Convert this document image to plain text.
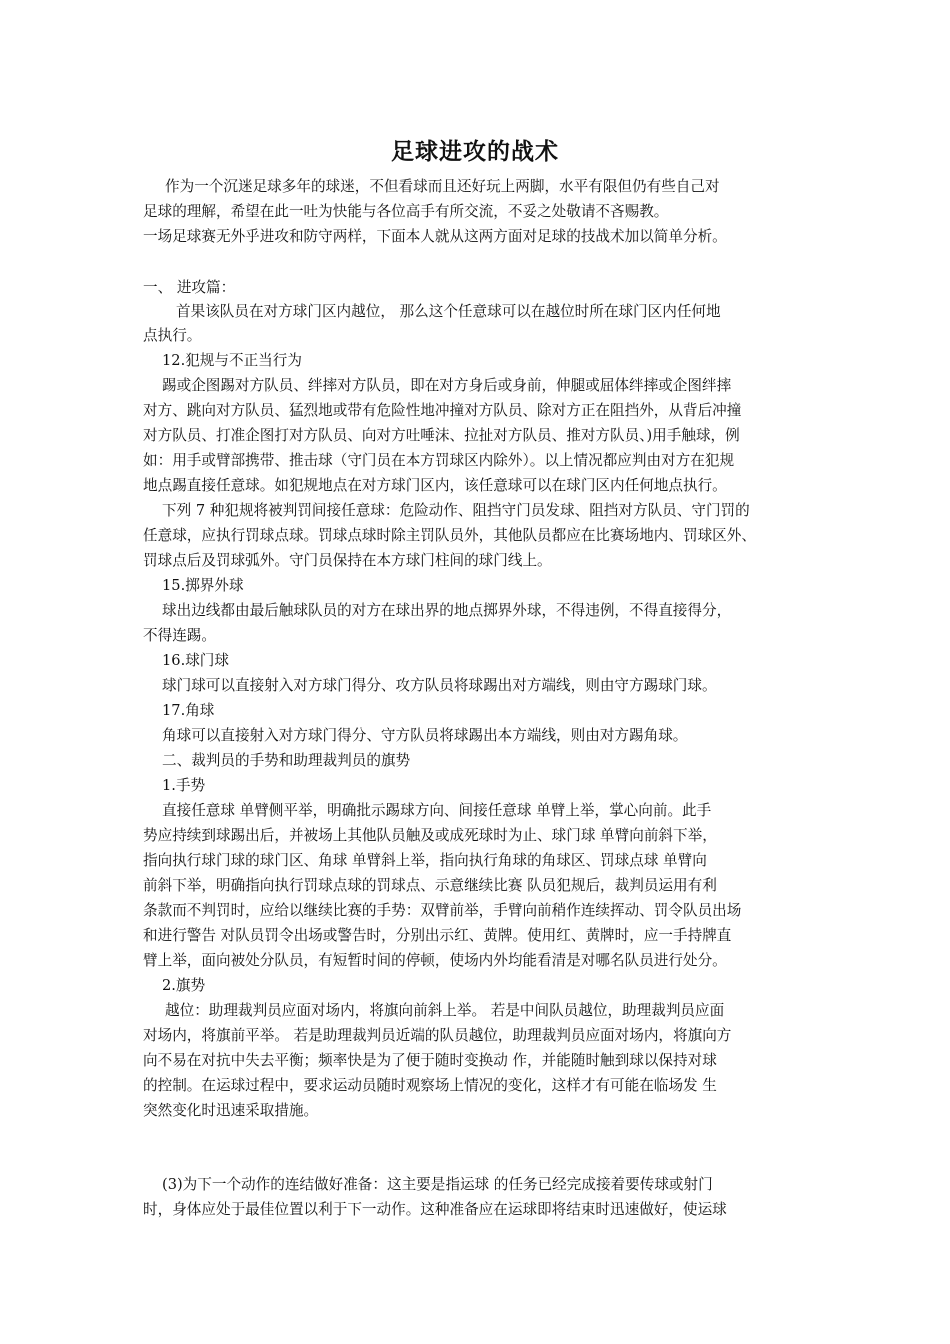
足球进攻的战术
作为一个沉迷足球多年的球迷，不但看球而且还好玩上两脚，水平有限但仍有些自己对
足球的理解，希望在此一吐为快能与各位高手有所交流，不妥之处敬请不吝赐教。
一场足球赛无外乎进攻和防守两样，下面本人就从这两方面对足球的技战术加以简单分析。
一、 进攻篇：
首果该队员在对方球门区内越位， 那么这个任意球可以在越位时所在球门区内任何地
点执行。
12.犯规与不正当行为
踢或企图踢对方队员、绊摔对方队员，即在对方身后或身前，伸腿或屈体绊摔或企图绊摔
对方、跳向对方队员、猛烈地或带有危险性地冲撞对方队员、除对方正在阻挡外，从背后冲撞
对方队员、打准企图打对方队员、向对方吐唾沫、拉扯对方队员、推对方队员、)用手触球，例
如：用手或臂部携带、推击球（守门员在本方罚球区内除外）。以上情况都应判由对方在犯规
地点踢直接任意球。如犯规地点在对方球门区内，该任意球可以在球门区内任何地点执行。
下列 7 种犯规将被判罚间接任意球：危险动作、阻挡守门员发球、阻挡对方队员、守门罚的
任意球，应执行罚球点球。罚球点球时除主罚队员外，其他队员都应在比赛场地内、罚球区外、
罚球点后及罚球弧外。守门员保持在本方球门柱间的球门线上。
15.掷界外球
球出边线都由最后触球队员的对方在球出界的地点掷界外球，不得违例，不得直接得分，
不得连踢。
16.球门球
球门球可以直接射入对方球门得分、攻方队员将球踢出对方端线，则由守方踢球门球。
17.角球
角球可以直接射入对方球门得分、守方队员将球踢出本方端线，则由对方踢角球。
二、裁判员的手势和助理裁判员的旗势
1.手势
直接任意球 单臂侧平举，明确批示踢球方向、间接任意球 单臂上举，掌心向前。此手
势应持续到球踢出后，并被场上其他队员触及或成死球时为止、球门球 单臂向前斜下举，
指向执行球门球的球门区、角球 单臂斜上举，指向执行角球的角球区、罚球点球 单臂向
前斜下举，明确指向执行罚球点球的罚球点、示意继续比赛 队员犯规后，裁判员运用有利
条款而不判罚时，应给以继续比赛的手势：双臂前举，手臂向前稍作连续挥动、罚令队员出场
和进行警告 对队员罚令出场或警告时，分别出示红、黄牌。使用红、黄牌时，应一手持牌直
臂上举，面向被处分队员，有短暂时间的停顿，使场内外均能看清是对哪名队员进行处分。
2.旗势
越位：助理裁判员应面对场内，将旗向前斜上举。 若是中间队员越位，助理裁判员应面
对场内，将旗前平举。 若是助理裁判员近端的队员越位，助理裁判员应面对场内，将旗向方
向不易在对抗中失去平衡；频率快是为了便于随时变换动 作，并能随时触到球以保持对球
的控制。在运球过程中，要求运动员随时观察场上情况的变化，这样才有可能在临场发 生
突然变化时迅速采取措施。
(3)为下一个动作的连结做好准备：这主要是指运球 的任务已经完成接着要传球或射门
时，身体应处于最佳位置以利于下一动作。这种准备应在运球即将结束时迅速做好，使运球
